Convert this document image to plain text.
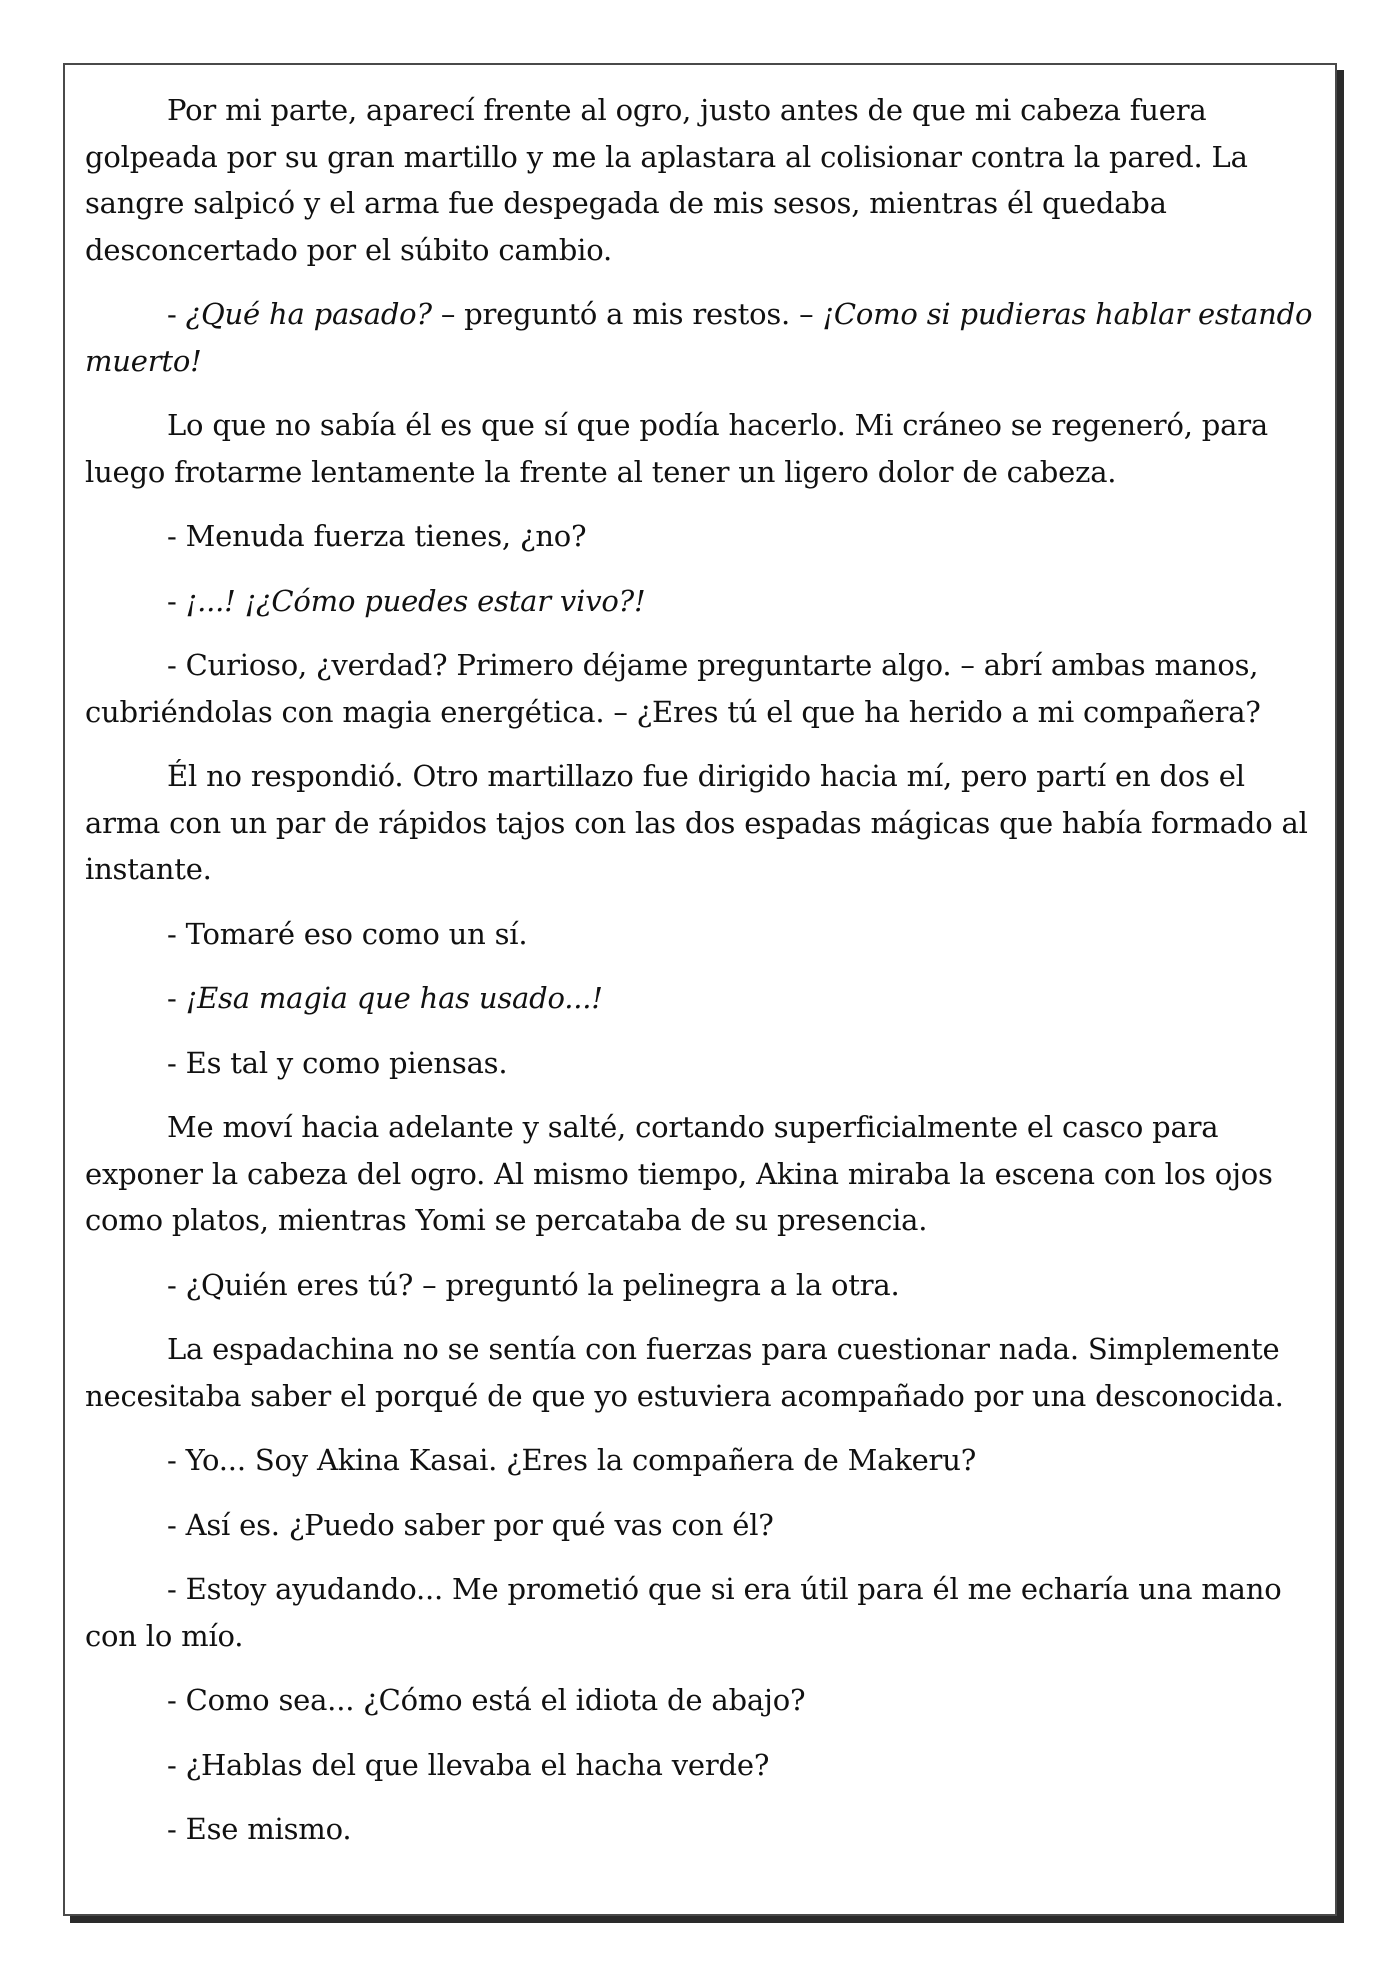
Por mi parte, aparecí frente al ogro, justo antes de que mi cabeza fuera golpeada por su gran martillo y me la aplastara al colisionar contra la pared. La sangre salpicó y el arma fue despegada de mis sesos, mientras él quedaba desconcertado por el súbito cambio.

- ¿Qué ha pasado? – preguntó a mis restos. – ¡Como si pudieras hablar estando muerto!

Lo que no sabía él es que sí que podía hacerlo. Mi cráneo se regeneró, para luego frotarme lentamente la frente al tener un ligero dolor de cabeza.

- Menuda fuerza tienes, ¿no?

- ¡...! ¡¿Cómo puedes estar vivo?!

- Curioso, ¿verdad? Primero déjame preguntarte algo. – abrí ambas manos, cubriéndolas con magia energética. – ¿Eres tú el que ha herido a mi compañera?

Él no respondió. Otro martillazo fue dirigido hacia mí, pero partí en dos el arma con un par de rápidos tajos con las dos espadas mágicas que había formado al instante.

- Tomaré eso como un sí.

- ¡Esa magia que has usado...!

- Es tal y como piensas.

Me moví hacia adelante y salté, cortando superficialmente el casco para exponer la cabeza del ogro. Al mismo tiempo, Akina miraba la escena con los ojos como platos, mientras Yomi se percataba de su presencia.

- ¿Quién eres tú? – preguntó la pelinegra a la otra.

La espadachina no se sentía con fuerzas para cuestionar nada. Simplemente necesitaba saber el porqué de que yo estuviera acompañado por una desconocida.

- Yo... Soy Akina Kasai. ¿Eres la compañera de Makeru?

- Así es. ¿Puedo saber por qué vas con él?

- Estoy ayudando... Me prometió que si era útil para él me echaría una mano con lo mío.

- Como sea... ¿Cómo está el idiota de abajo?

- ¿Hablas del que llevaba el hacha verde?

- Ese mismo.
